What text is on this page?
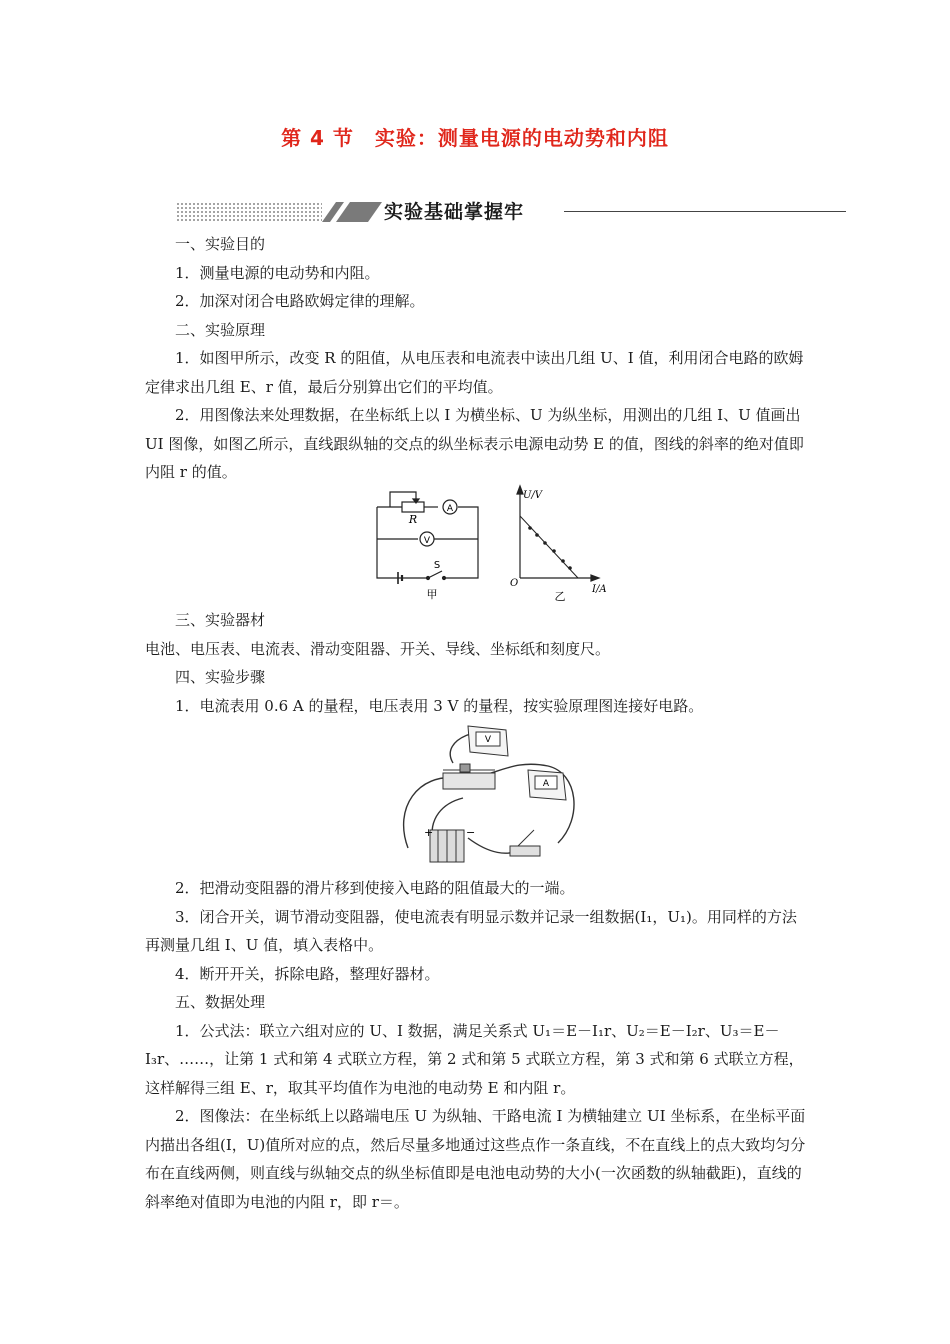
第 4 节　实验：测量电源的电动势和内阻
实验基础掌握牢

一、实验目的

1．测量电源的电动势和内阻。

2．加深对闭合电路欧姆定律的理解。

二、实验原理

1．如图甲所示，改变 R 的阻值，从电压表和电流表中读出几组 U、I 值，利用闭合电路的欧姆定律求出几组 E、r 值，最后分别算出它们的平均值。

2．用图像法来处理数据，在坐标纸上以 I 为横坐标、U 为纵坐标，用测出的几组 I、U 值画出 UI 图像，如图乙所示，直线跟纵轴的交点的纵坐标表示电源电动势 E 的值，图线的斜率的绝对值即内阻 r 的值。

R
A
V
S
甲
U/V
I/A
O
乙

三、实验器材

电池、电压表、电流表、滑动变阻器、开关、导线、坐标纸和刻度尺。

四、实验步骤

1．电流表用 0.6 A 的量程，电压表用 3 V 的量程，按实验原理图连接好电路。

V
A
+	−

2．把滑动变阻器的滑片移到使接入电路的阻值最大的一端。

3．闭合开关，调节滑动变阻器，使电流表有明显示数并记录一组数据(I₁，U₁)。用同样的方法再测量几组 I、U 值，填入表格中。

4．断开开关，拆除电路，整理好器材。

五、数据处理

1．公式法：联立六组对应的 U、I 数据，满足关系式 U₁＝E－I₁r、U₂＝E－I₂r、U₃＝E－I₃r、……，让第 1 式和第 4 式联立方程，第 2 式和第 5 式联立方程，第 3 式和第 6 式联立方程，这样解得三组 E、r，取其平均值作为电池的电动势 E 和内阻 r。

2．图像法：在坐标纸上以路端电压 U 为纵轴、干路电流 I 为横轴建立 UI 坐标系，在坐标平面内描出各组(I，U)值所对应的点，然后尽量多地通过这些点作一条直线，不在直线上的点大致均匀分布在直线两侧，则直线与纵轴交点的纵坐标值即是电池电动势的大小(一次函数的纵轴截距)，直线的斜率绝对值即为电池的内阻 r，即 r＝。
